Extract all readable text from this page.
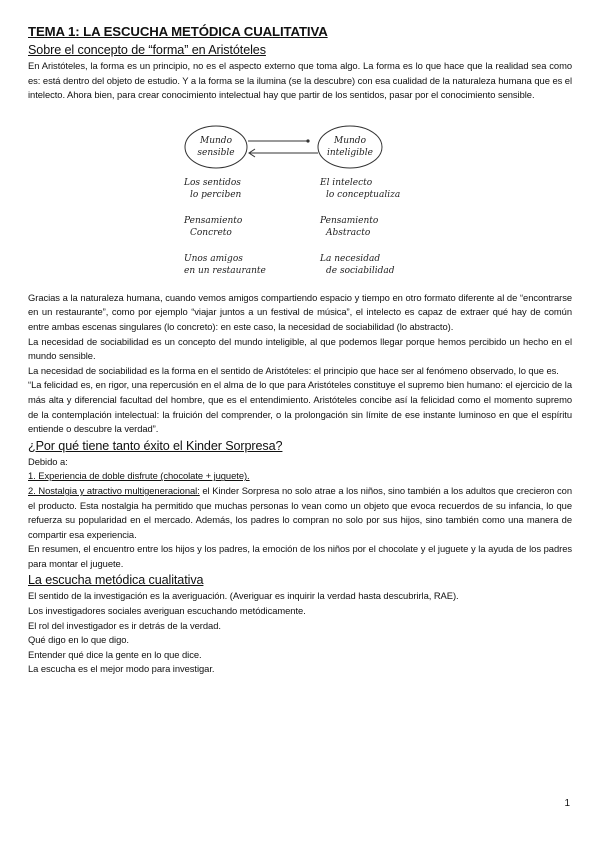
TEMA 1: LA ESCUCHA METÓDICA CUALITATIVA
Sobre el concepto de “forma” en Aristóteles

En Aristóteles, la forma es un principio, no es el aspecto externo que toma algo. La forma es lo que hace que la realidad sea como es: está dentro del objeto de estudio. Y a la forma se la ilumina (se la descubre) con esa cualidad de la naturaleza humana que es el intelecto. Ahora bien, para crear conocimiento intelectual hay que partir de los sentidos, pasar por el conocimiento sensible.

Mundo
sensible
Mundo
inteligible
Los sentidos
lo perciben
Pensamiento
Concreto
Unos amigos
en un restaurante
El intelecto
lo conceptualiza
Pensamiento
Abstracto
La necesidad
de sociabilidad

Gracias a la naturaleza humana, cuando vemos amigos compartiendo espacio y tiempo en otro formato diferente al de “encontrarse en un restaurante”, como por ejemplo “viajar juntos a un festival de música”, el intelecto es capaz de extraer qué hay de común entre ambas escenas singulares (lo concreto): en este caso, la necesidad de sociabilidad (lo abstracto).

La necesidad de sociabilidad es un concepto del mundo inteligible, al que podemos llegar porque hemos percibido un hecho en el mundo sensible.

La necesidad de sociabilidad es la forma en el sentido de Aristóteles: el principio que hace ser al fenómeno observado, lo que es.

“La felicidad es, en rigor, una repercusión en el alma de lo que para Aristóteles constituye el supremo bien humano: el ejercicio de la más alta y diferencial facultad del hombre, que es el entendimiento. Aristóteles concibe así la felicidad como el momento supremo de la contemplación intelectual: la fruición del comprender, o la prolongación sin límite de ese instante luminoso en que el espíritu entiende o descubre la verdad”.

¿Por qué tiene tanto éxito el Kinder Sorpresa?

Debido a:

1. Experiencia de doble disfrute (chocolate + juguete).

2. Nostalgia y atractivo multigeneracional: el Kinder Sorpresa no solo atrae a los niños, sino también a los adultos que crecieron con el producto. Esta nostalgia ha permitido que muchas personas lo vean como un objeto que evoca recuerdos de su infancia, lo que refuerza su popularidad en el mercado. Además, los padres lo compran no solo por sus hijos, sino también como una manera de compartir esa experiencia.

En resumen, el encuentro entre los hijos y los padres, la emoción de los niños por el chocolate y el juguete y la ayuda de los padres para montar el juguete.

La escucha metódica cualitativa

El sentido de la investigación es la averiguación. (Averiguar es inquirir la verdad hasta descubrirla, RAE).

Los investigadores sociales averiguan escuchando metódicamente.

El rol del investigador es ir detrás de la verdad.

Qué digo en lo que digo.

Entender qué dice la gente en lo que dice.

La escucha es el mejor modo para investigar.

1
